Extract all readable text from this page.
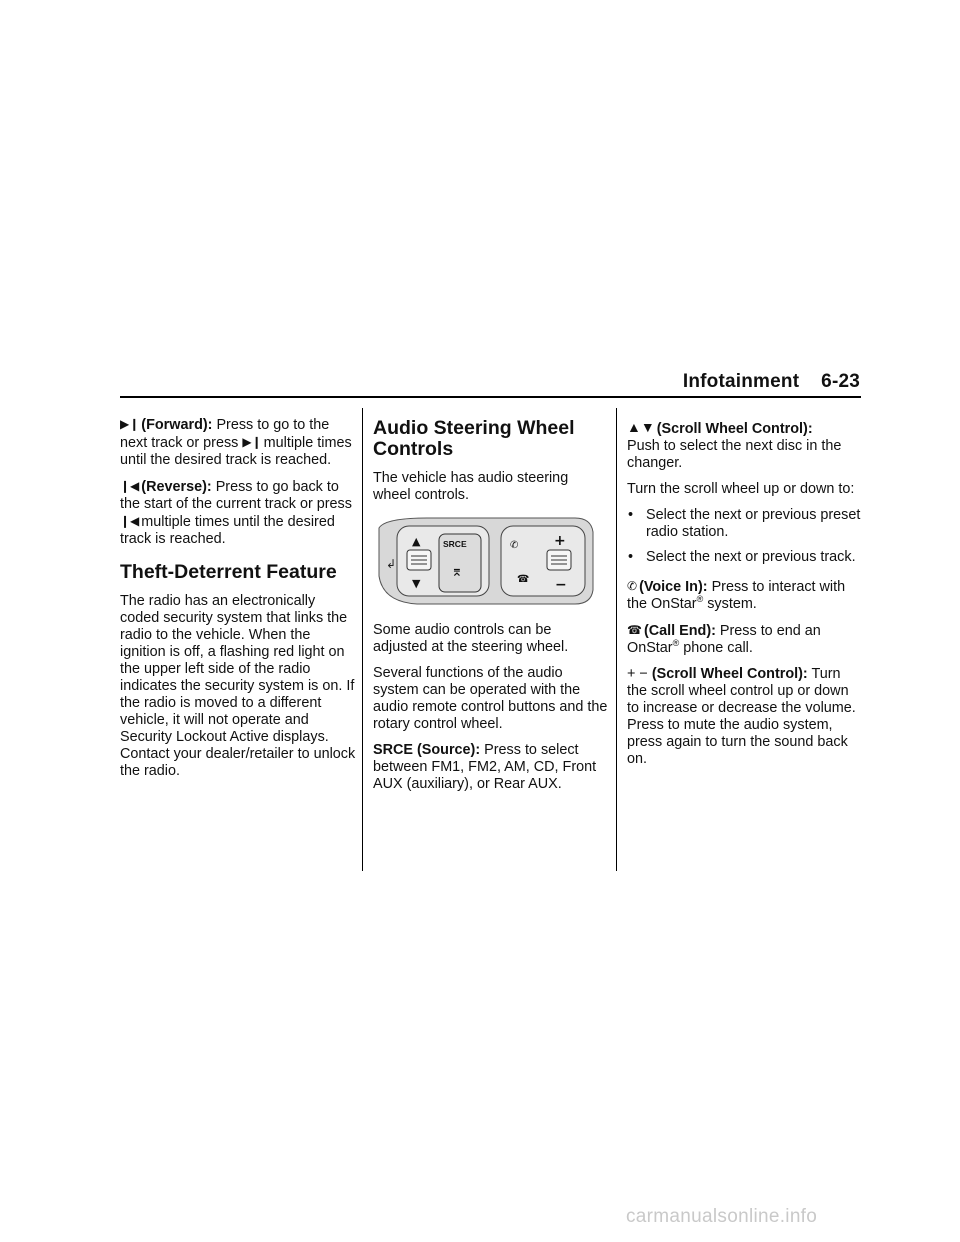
Infotainment 6-23

▶❙ (Forward): Press to go to the next track or press ▶❙ multiple times until the desired track is reached.

❙◀ (Reverse): Press to go back to the start of the current track or press ❙◀ multiple times until the desired track is reached.

Theft-Deterrent Feature

The radio has an electronically coded security system that links the radio to the vehicle. When the ignition is off, a flashing red light on the upper left side of the radio indicates the security system is on. If the radio is moved to a different vehicle, it will not operate and Security Lockout Active displays. Contact your dealer/retailer to unlock the radio.

Audio Steering Wheel Controls

The vehicle has audio steering wheel controls.

↲
▲
▼
SRCE
⌆
✆
☎
+
−

Some audio controls can be adjusted at the steering wheel.

Several functions of the audio system can be operated with the audio remote control buttons and the rotary control wheel.

SRCE (Source): Press to select between FM1, FM2, AM, CD, Front AUX (auxiliary), or Rear AUX.

▲▼ (Scroll Wheel Control):
Push to select the next disc in the changer.

Turn the scroll wheel up or down to:

• Select the next or previous preset radio station.
• Select the next or previous track.

✆ (Voice In): Press to interact with the OnStar® system.

☎ (Call End): Press to end an OnStar® phone call.

+ − (Scroll Wheel Control): Turn the scroll wheel control up or down to increase or decrease the volume. Press to mute the audio system, press again to turn the sound back on.

carmanualsonline.info
